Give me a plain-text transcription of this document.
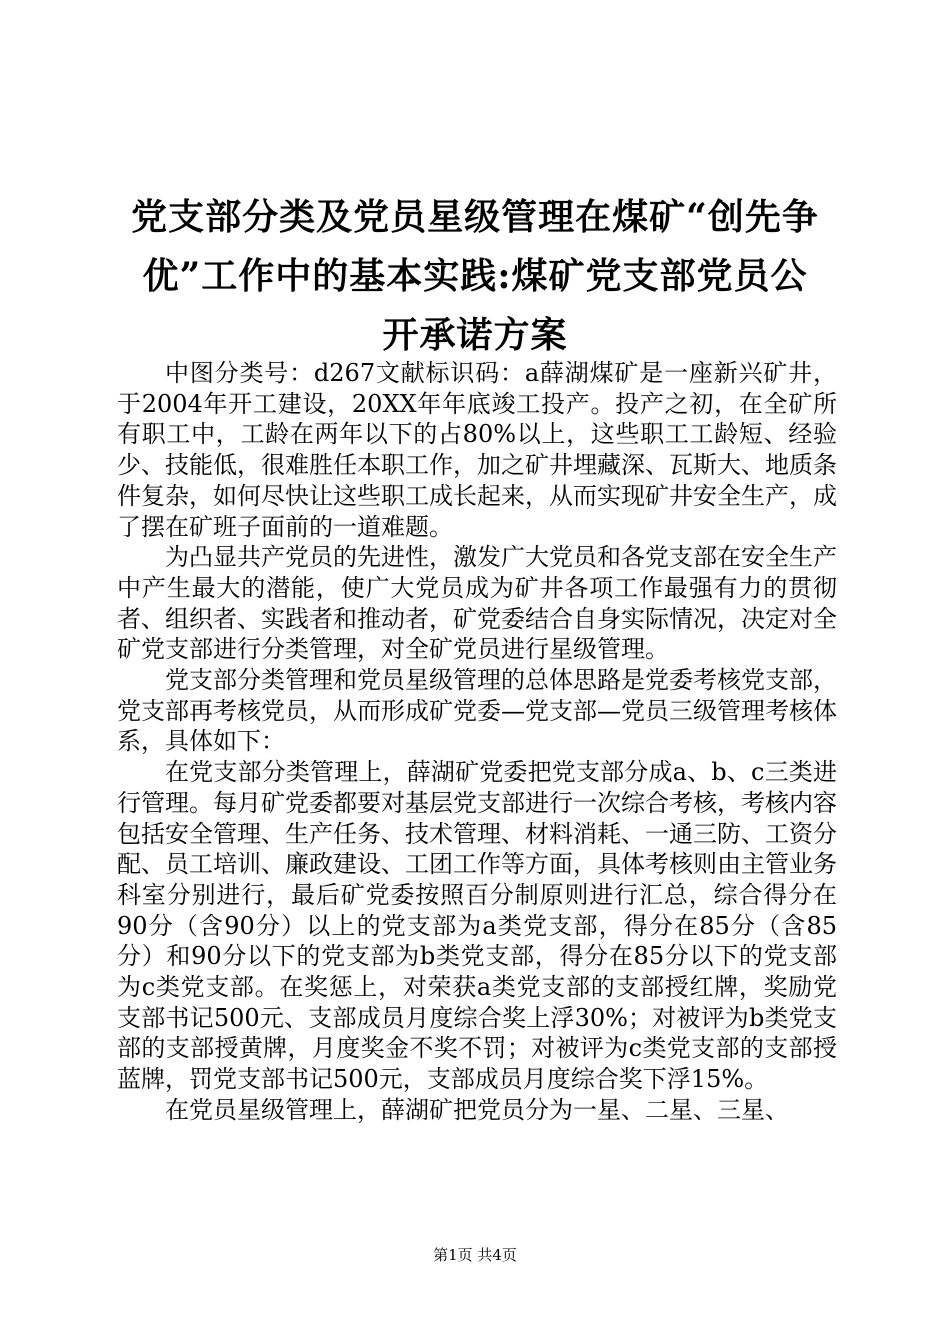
党支部分类及党员星级管理在煤矿“创先争优”工作中的基本实践:煤矿党支部党员公开承诺方案

中图分类号：d267文献标识码：a薛湖煤矿是一座新兴矿井，于2004年开工建设，20XX年年底竣工投产。投产之初，在全矿所有职工中，工龄在两年以下的占80%以上，这些职工工龄短、经验少、技能低，很难胜任本职工作，加之矿井埋藏深、瓦斯大、地质条件复杂，如何尽快让这些职工成长起来，从而实现矿井安全生产，成了摆在矿班子面前的一道难题。

为凸显共产党员的先进性，激发广大党员和各党支部在安全生产中产生最大的潜能，使广大党员成为矿井各项工作最强有力的贯彻者、组织者、实践者和推动者，矿党委结合自身实际情况，决定对全矿党支部进行分类管理，对全矿党员进行星级管理。

党支部分类管理和党员星级管理的总体思路是党委考核党支部，党支部再考核党员，从而形成矿党委—党支部—党员三级管理考核体系，具体如下：

在党支部分类管理上，薛湖矿党委把党支部分成a、b、c三类进行管理。每月矿党委都要对基层党支部进行一次综合考核，考核内容包括安全管理、生产任务、技术管理、材料消耗、一通三防、工资分配、员工培训、廉政建设、工团工作等方面，具体考核则由主管业务科室分别进行，最后矿党委按照百分制原则进行汇总，综合得分在90分（含90分）以上的党支部为a类党支部，得分在85分（含85分）和90分以下的党支部为b类党支部，得分在85分以下的党支部为c类党支部。在奖惩上，对荣获a类党支部的支部授红牌，奖励党支部书记500元、支部成员月度综合奖上浮30%；对被评为b类党支部的支部授黄牌，月度奖金不奖不罚；对被评为c类党支部的支部授蓝牌，罚党支部书记500元，支部成员月度综合奖下浮15%。

在党员星级管理上，薛湖矿把党员分为一星、二星、三星、

第1页 共4页
